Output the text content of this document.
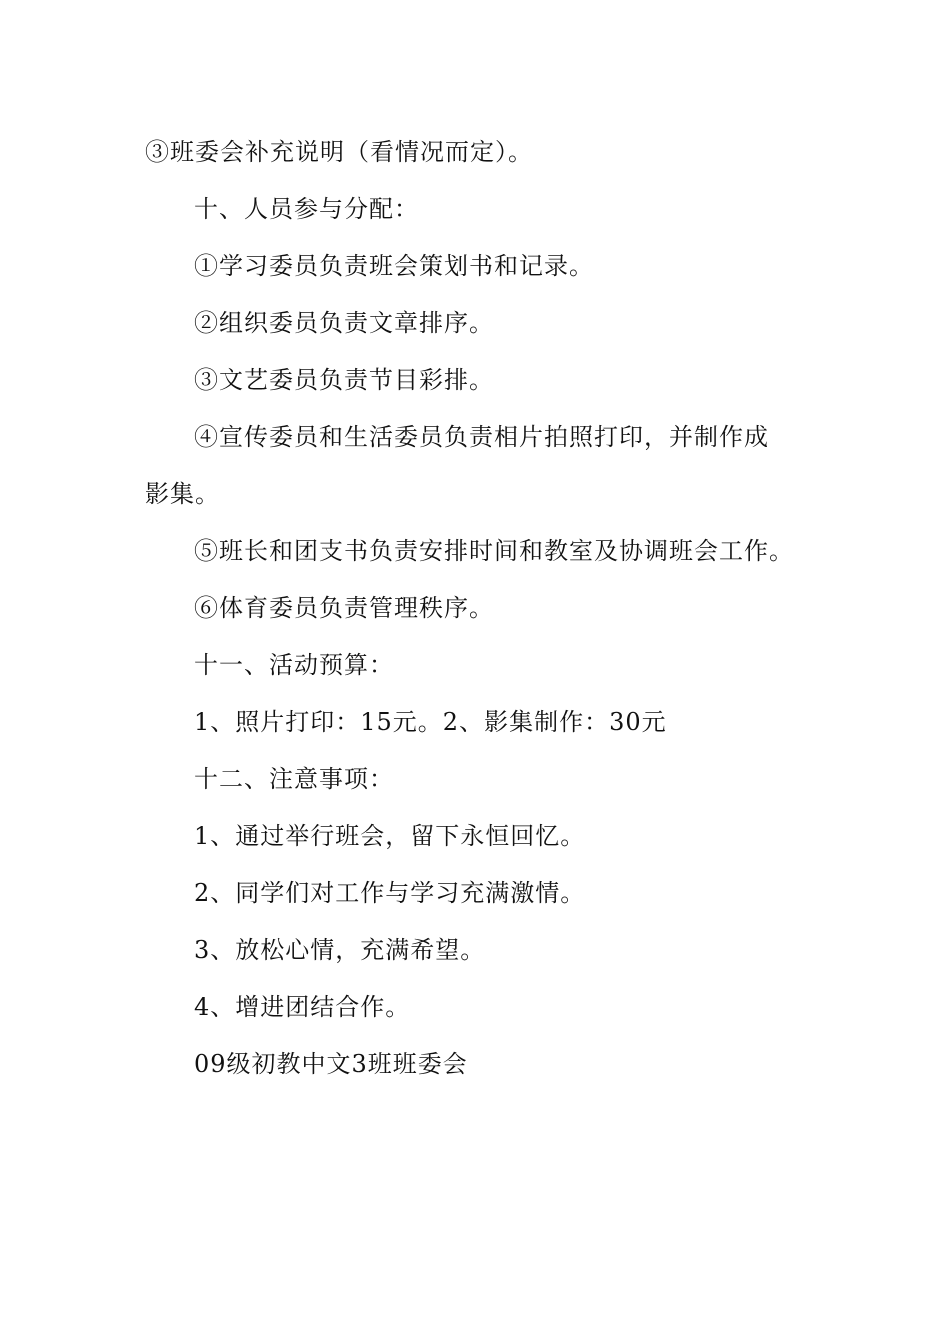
③班委会补充说明（看情况而定）。
十、人员参与分配：
①学习委员负责班会策划书和记录。
②组织委员负责文章排序。
③文艺委员负责节目彩排。
④宣传委员和生活委员负责相片拍照打印，并制作成
影集。
⑤班长和团支书负责安排时间和教室及协调班会工作。
⑥体育委员负责管理秩序。
十一、活动预算：
1、照片打印：15元。2、影集制作：30元
十二、注意事项：
1、通过举行班会，留下永恒回忆。
2、同学们对工作与学习充满激情。
3、放松心情，充满希望。
4、增进团结合作。
09级初教中文3班班委会
